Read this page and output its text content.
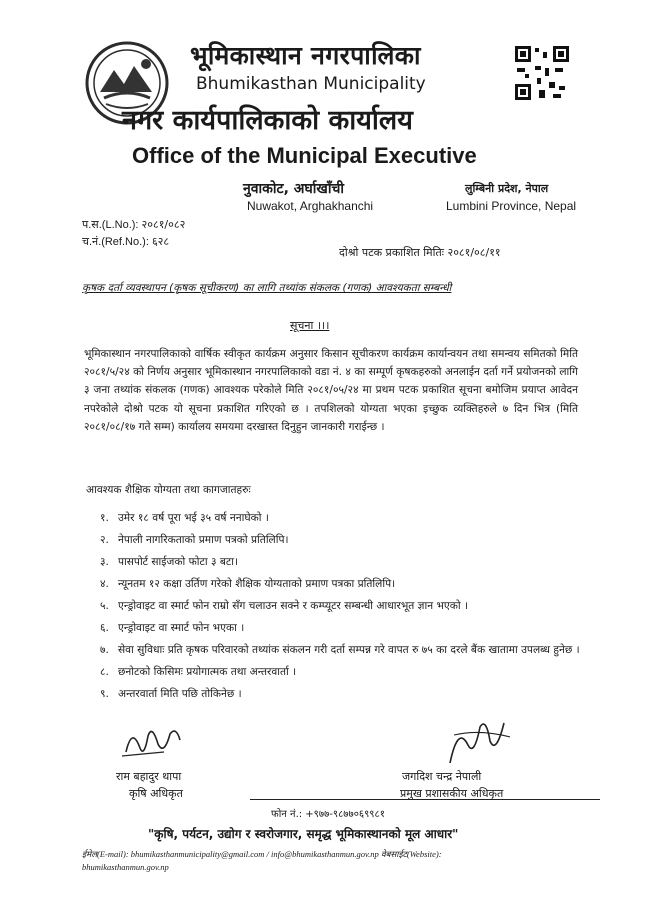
भूमिकास्थान नगरपालिका
Bhumikasthan Municipality
नगर कार्यपालिकाको कार्यालय
Office of the Municipal Executive
नुवाकोट, अर्घाखाँची
Nuwakot, Arghakhanchi
लुम्बिनी प्रदेश, नेपाल
Lumbini Province, Nepal
प.स.(L.No.): २०८१/०८२
च.नं.(Ref.No.): ६२८
दोश्रो पटक प्रकाशित मितिः २०८१/०८/११
कृषक दर्ता व्यवस्थापन (कृषक सूचीकरण) का लागि तथ्यांक संकलक (गणक) आवश्यकता सम्बन्धी
सूचना ।।।
भूमिकास्थान नगरपालिकाको वार्षिक स्वीकृत कार्यक्रम अनुसार किसान सूचीकरण कार्यक्रम कार्यान्वयन तथा समन्वय समितको मिति २०८१/५/२४ को निर्णय अनुसार भूमिकास्थान नगरपालिकाको वडा नं. ४ का सम्पूर्ण कृषकहरुको अनलाईन दर्ता गर्ने प्रयोजनको लागि ३ जना तथ्यांक संकलक (गणक) आवश्यक परेकोले मिति २०८१/०५/२४ मा प्रथम पटक प्रकाशित सूचना बमोजिम प्रयाप्त आवेदन नपरेकोले दोश्रो पटक यो सूचना प्रकाशित गरिएको छ । तपशिलको योग्यता भएका इच्छुक व्यक्तिहरुले ७ दिन भित्र (मिति २०८१/०८/१७ गते सम्म) कार्यालय समयमा दरखास्त दिनुहुन जानकारी गराईन्छ ।
आवश्यक शैक्षिक योग्यता तथा कागजातहरुः
१. उमेर १८ वर्ष पूरा भई ३५ वर्ष ननाघेको ।
२. नेपाली नागरिकताको प्रमाण पत्रको प्रतिलिपि।
३. पासपोर्ट साईजको फोटा ३ बटा।
४. न्यूनतम १२ कक्षा उर्तिण गरेको शैक्षिक योग्यताको प्रमाण पत्रका प्रतिलिपि।
५. एन्ड्रोवाइट वा स्मार्ट फोन राम्रो सँग चलाउन सक्ने र कम्प्यूटर सम्बन्धी आधारभूत ज्ञान भएको ।
६. एन्ड्रोवाइट वा स्मार्ट फोन भएका ।
७. सेवा सुविधाः प्रति कृषक परिवारको तथ्यांक संकलन गरी दर्ता सम्पन्न गरे वापत रु ७५ का दरले बैंक खातामा उपलब्ध हुनेछ ।
८. छनोटको किसिमः प्रयोगात्मक तथा अन्तरवार्ता ।
९. अन्तरवार्ता मिति पछि तोकिनेछ ।
राम बहादुर थापा
कृषि अधिकृत
जगदिश चन्द्र नेपाली
प्रमुख प्रशासकीय अधिकृत
फोन नं.: +९७७-९८७७०६९९८१
"कृषि, पर्यटन, उद्योग र स्वरोजगार, समृद्ध भूमिकास्थानको मूल आधार"
ईमेल(E-mail): bhumikasthanmunicipality@gmail.com / info@bhumikasthanmun.gov.np वेबसाईट(Website):
bhumikasthanmun.gov.np
